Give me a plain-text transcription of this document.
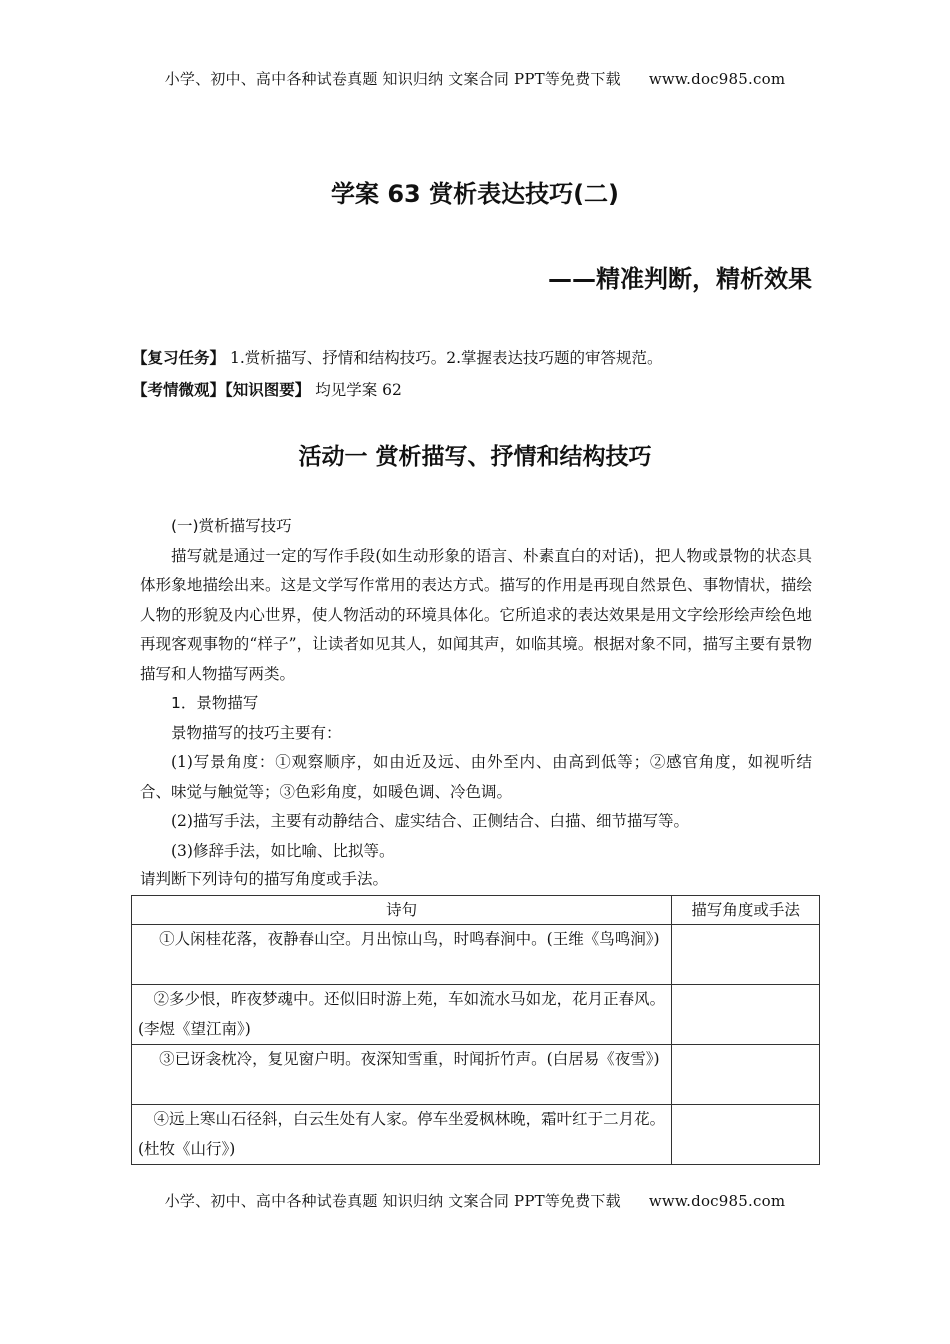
小学、初中、高中各种试卷真题 知识归纳 文案合同 PPT等免费下载 www.doc985.com
学案 63 赏析表达技巧(二)
——精准判断，精析效果
【复习任务】 1.赏析描写、抒情和结构技巧。2.掌握表达技巧题的审答规范。
【考情微观】【知识图要】 均见学案 62
活动一 赏析描写、抒情和结构技巧

(一)赏析描写技巧

描写就是通过一定的写作手段(如生动形象的语言、朴素直白的对话)，把人物或景物的状态具体形象地描绘出来。这是文学写作常用的表达方式。描写的作用是再现自然景色、事物情状，描绘人物的形貌及内心世界，使人物活动的环境具体化。它所追求的表达效果是用文字绘形绘声绘色地再现客观事物的“样子”，让读者如见其人，如闻其声，如临其境。根据对象不同，描写主要有景物描写和人物描写两类。

1．景物描写

景物描写的技巧主要有：

(1)写景角度：①观察顺序，如由近及远、由外至内、由高到低等；②感官角度，如视听结合、味觉与触觉等；③色彩角度，如暖色调、冷色调。

(2)描写手法，主要有动静结合、虚实结合、正侧结合、白描、细节描写等。

(3)修辞手法，如比喻、比拟等。

请判断下列诗句的描写角度或手法。
诗句	描写角度或手法
①人闲桂花落，夜静春山空。月出惊山鸟，时鸣春涧中。(王维《鸟鸣涧》)	
②多少恨，昨夜梦魂中。还似旧时游上苑，车如流水马如龙，花月正春风。(李煜《望江南》)	
③已讶衾枕冷，复见窗户明。夜深知雪重，时闻折竹声。(白居易《夜雪》)	
④远上寒山石径斜，白云生处有人家。停车坐爱枫林晚，霜叶红于二月花。(杜牧《山行》)	
小学、初中、高中各种试卷真题 知识归纳 文案合同 PPT等免费下载 www.doc985.com
